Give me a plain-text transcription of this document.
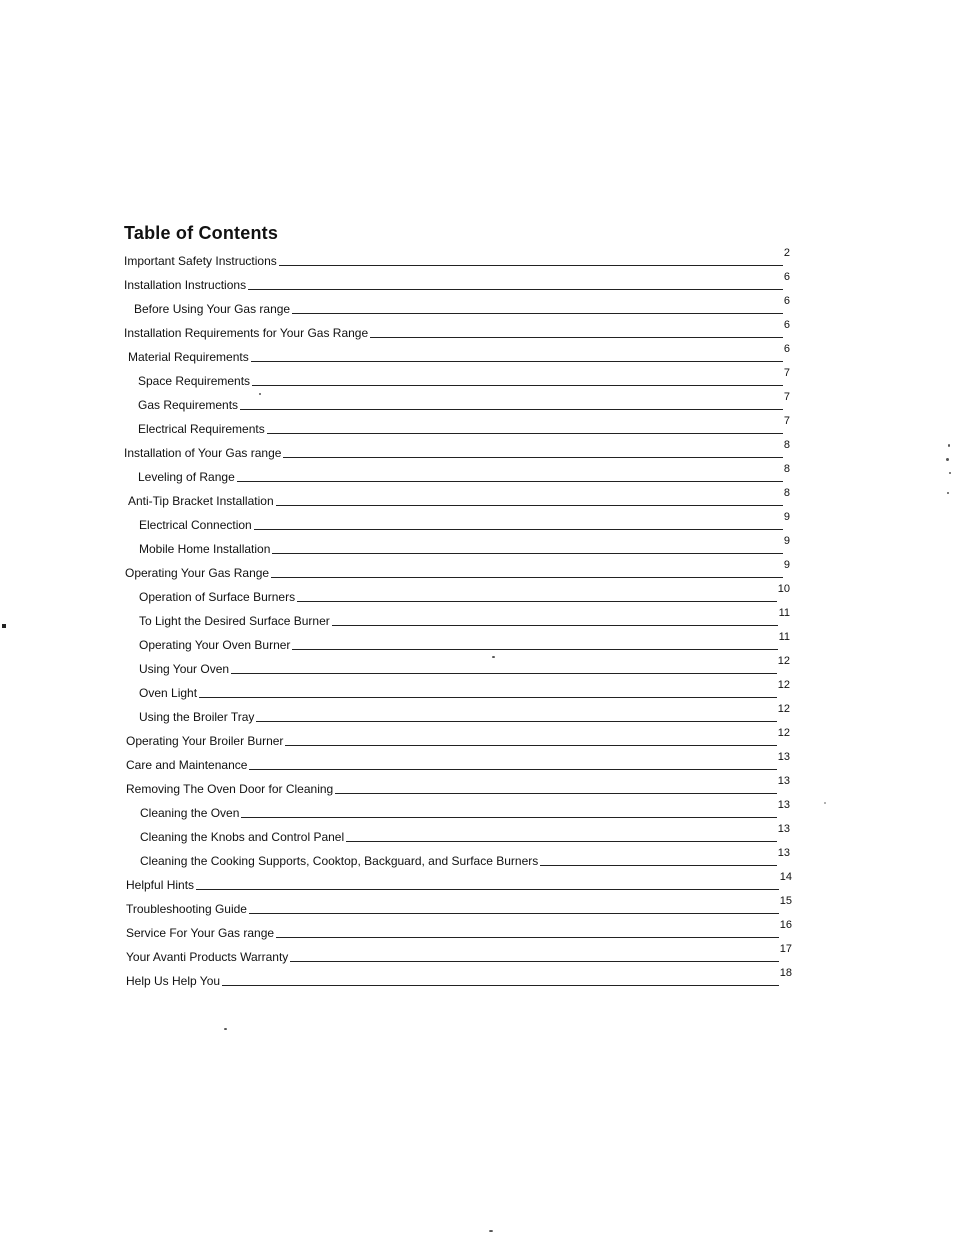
Table of Contents
Important Safety Instructions
2
Installation Instructions
6
Before Using Your Gas range
6
Installation Requirements for Your Gas Range
6
Material Requirements
6
Space Requirements
7
Gas Requirements
7
Electrical Requirements
7
Installation of Your Gas range
8
Leveling of Range
8
Anti-Tip Bracket Installation
8
Electrical Connection
9
Mobile Home Installation
9
Operating Your Gas Range
9
Operation of Surface Burners
10
To Light the Desired Surface Burner
11
Operating Your Oven Burner
11
Using Your Oven
12
Oven Light
12
Using the Broiler Tray
12
Operating Your Broiler Burner
12
Care and Maintenance
13
Removing The Oven Door for Cleaning
13
Cleaning the Oven
13
Cleaning the Knobs and Control Panel
13
Cleaning the Cooking Supports, Cooktop, Backguard, and Surface Burners
13
Helpful Hints
14
Troubleshooting Guide
15
Service For Your Gas range
16
Your Avanti Products Warranty
17
Help Us Help You
18
